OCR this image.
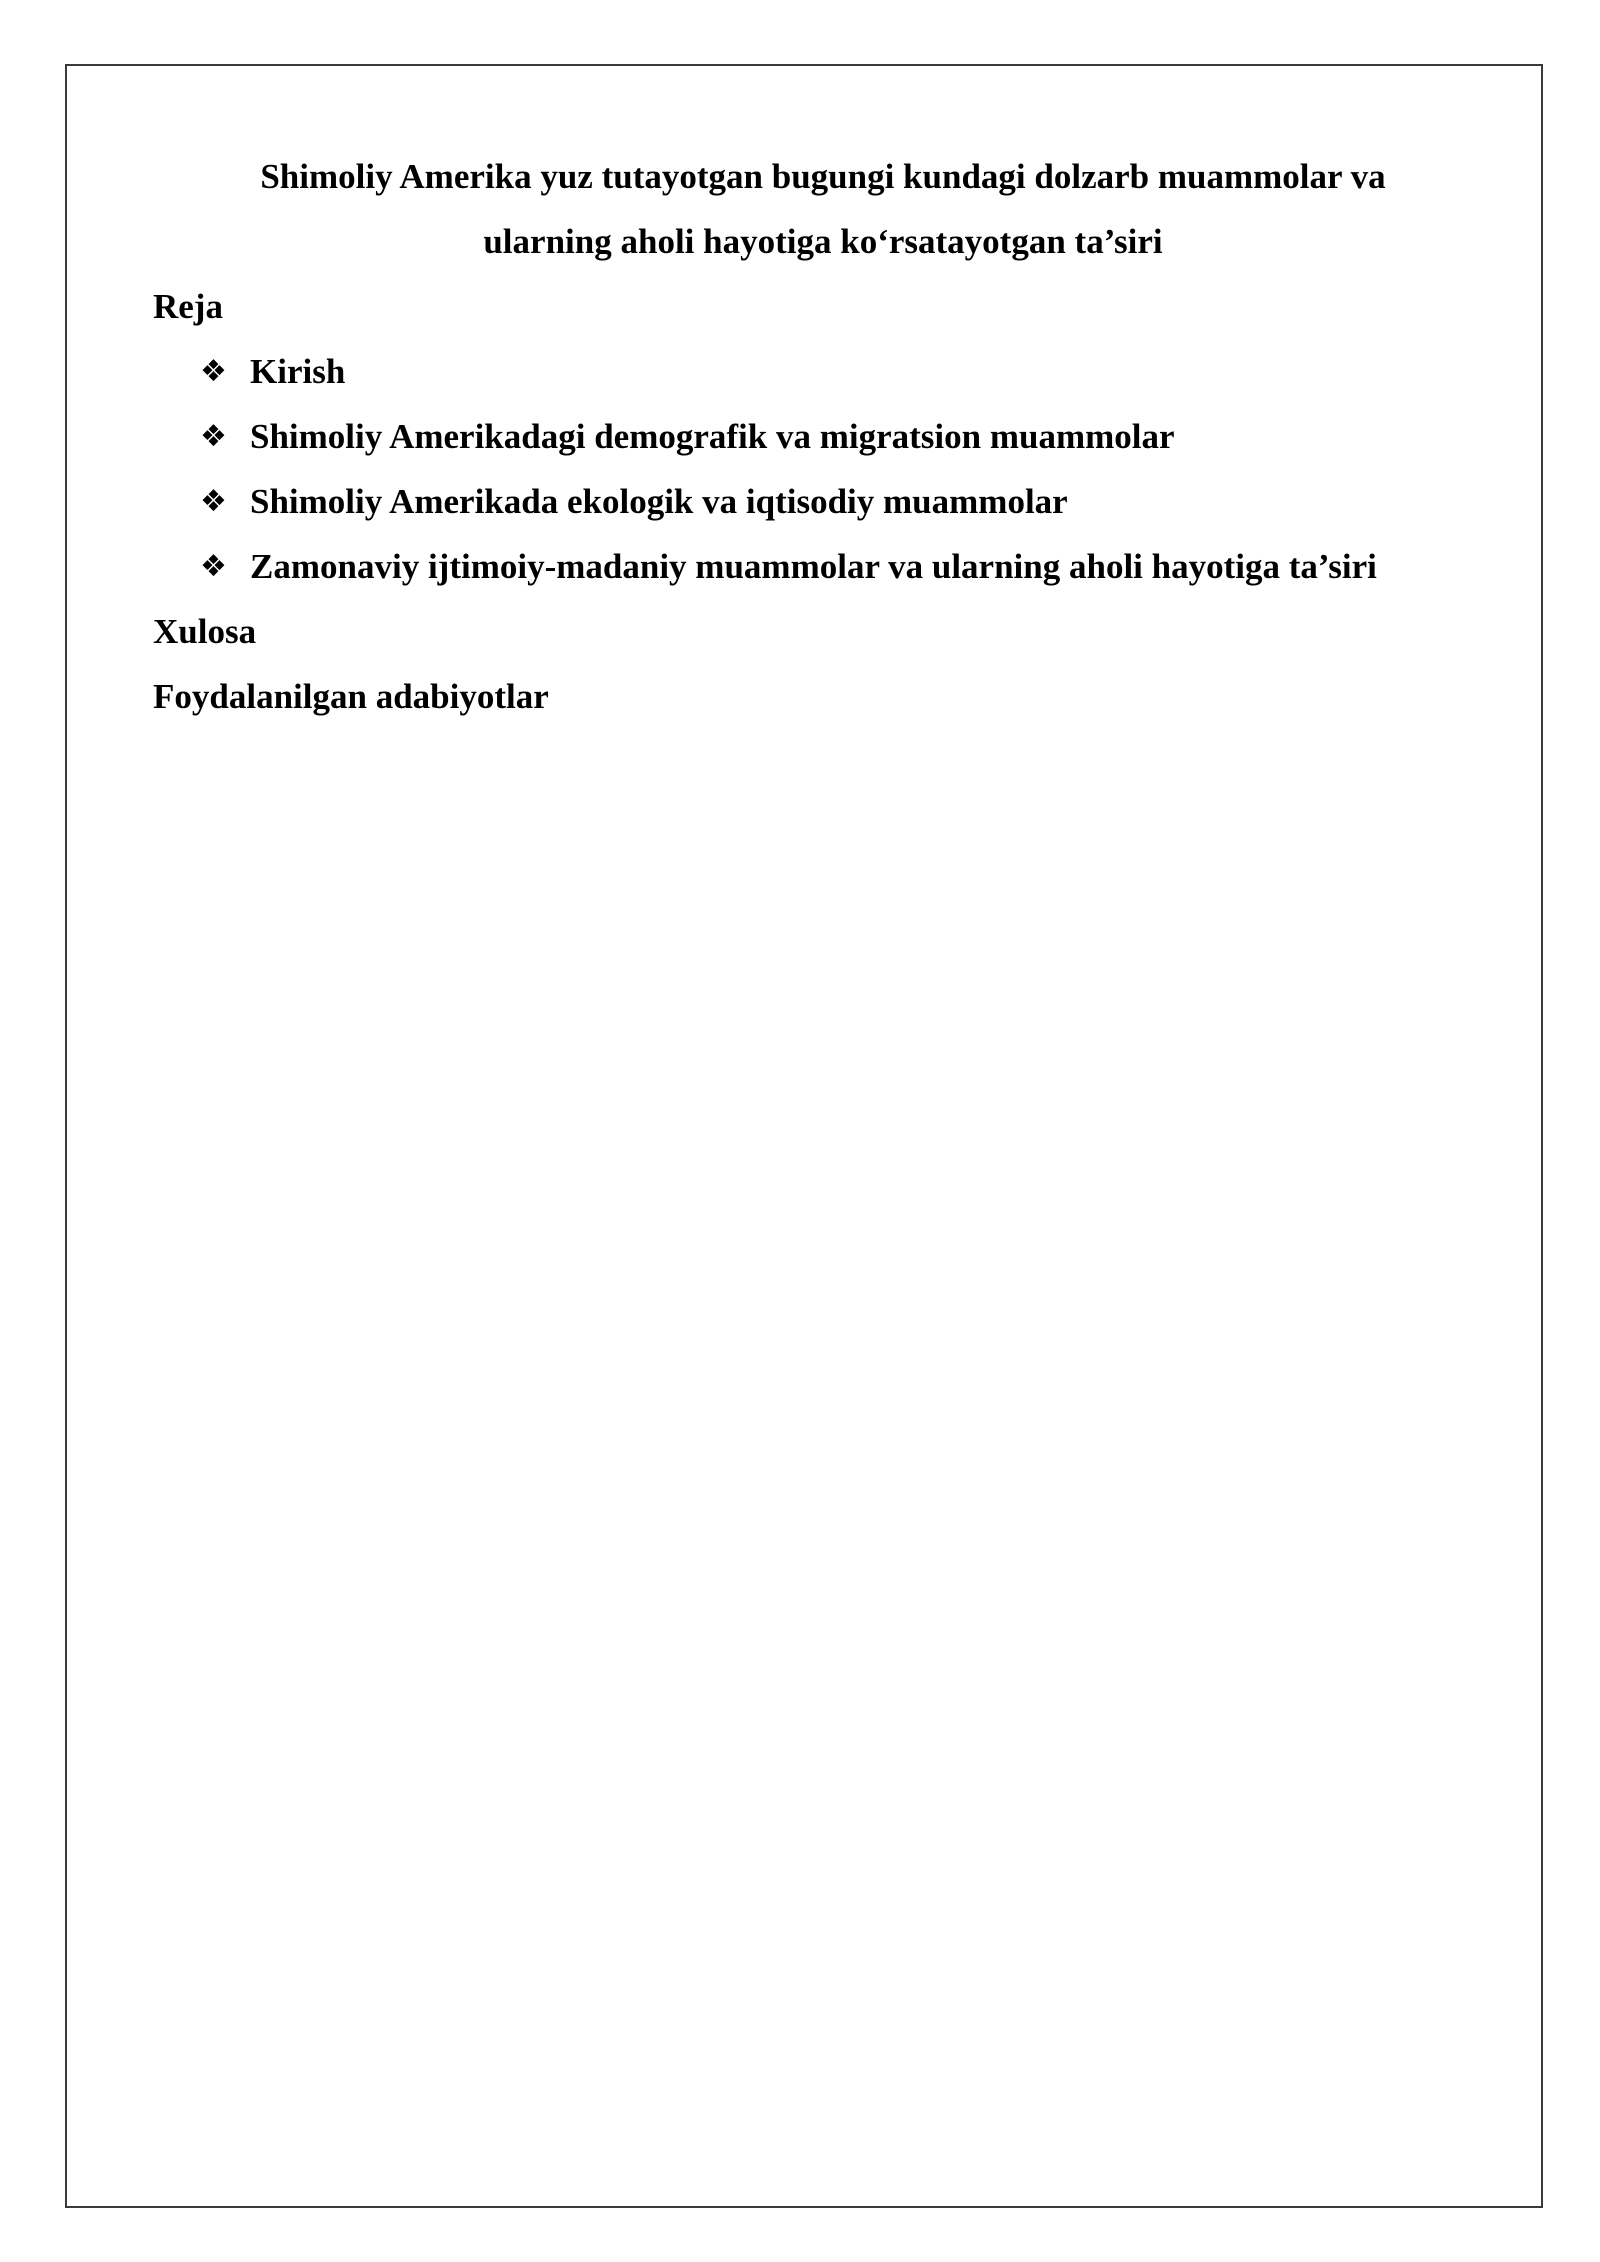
Shimoliy Amerika yuz tutayotgan bugungi kundagi dolzarb muammolar va
ularning aholi hayotiga ko‘rsatayotgan ta’siri
Reja
❖ Kirish
❖ Shimoliy Amerikadagi demografik va migratsion muammolar
❖ Shimoliy Amerikada ekologik va iqtisodiy muammolar
❖ Zamonaviy ijtimoiy-madaniy muammolar va ularning aholi hayotiga ta’siri
Xulosa
Foydalanilgan adabiyotlar
